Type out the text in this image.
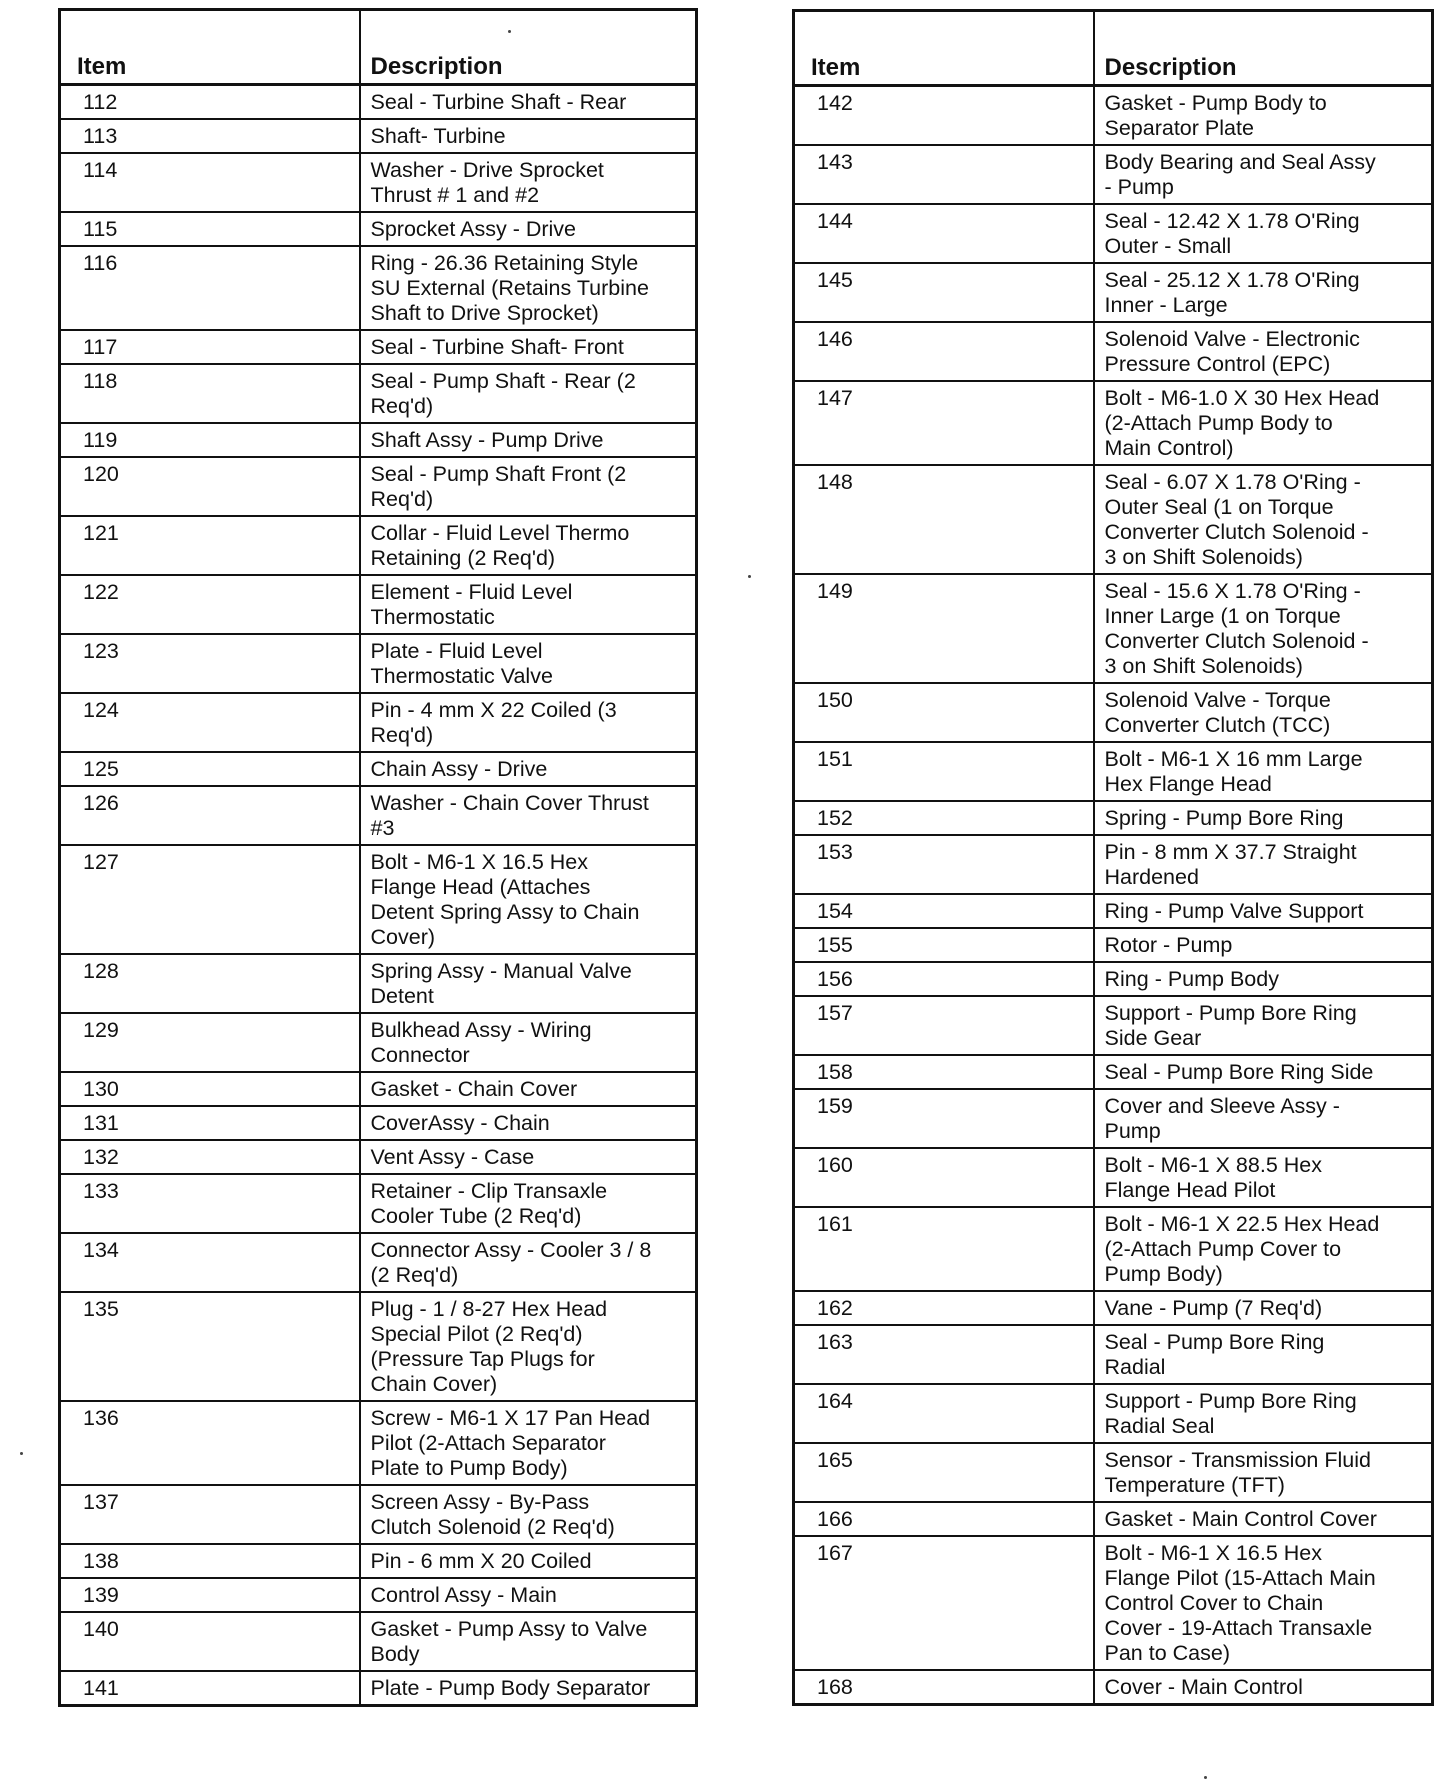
Item	Description
112	Seal - Turbine Shaft - Rear

113	Shaft- Turbine

114	Washer - Drive Sprocket
Thrust # 1 and #2

115	Sprocket Assy - Drive

116	Ring - 26.36 Retaining Style
SU External (Retains Turbine
Shaft to Drive Sprocket)

117	Seal - Turbine Shaft- Front

118	Seal - Pump Shaft - Rear (2
Req'd)

119	Shaft Assy - Pump Drive

120	Seal - Pump Shaft Front (2
Req'd)

121	Collar - Fluid Level Thermo
Retaining (2 Req'd)

122	Element - Fluid Level
Thermostatic

123	Plate - Fluid Level
Thermostatic Valve

124	Pin - 4 mm X 22 Coiled (3
Req'd)

125	Chain Assy - Drive

126	Washer - Chain Cover Thrust
#3

127	Bolt - M6-1 X 16.5 Hex
Flange Head (Attaches
Detent Spring Assy to Chain
Cover)

128	Spring Assy - Manual Valve
Detent

129	Bulkhead Assy - Wiring
Connector

130	Gasket - Chain Cover

131	CoverAssy - Chain

132	Vent Assy - Case

133	Retainer - Clip Transaxle
Cooler Tube (2 Req'd)

134	Connector Assy - Cooler 3 / 8
(2 Req'd)

135	Plug - 1 / 8-27 Hex Head
Special Pilot (2 Req'd)
(Pressure Tap Plugs for
Chain Cover)

136	Screw - M6-1 X 17 Pan Head
Pilot (2-Attach Separator
Plate to Pump Body)

137	Screen Assy - By-Pass
Clutch Solenoid (2 Req'd)

138	Pin - 6 mm X 20 Coiled

139	Control Assy - Main

140	Gasket - Pump Assy to Valve
Body

141	Plate - Pump Body Separator
Item	Description
142	Gasket - Pump Body to
Separator Plate

143	Body Bearing and Seal Assy
- Pump

144	Seal - 12.42 X 1.78 O'Ring
Outer - Small

145	Seal - 25.12 X 1.78 O'Ring
Inner - Large

146	Solenoid Valve - Electronic
Pressure Control (EPC)

147	Bolt - M6-1.0 X 30 Hex Head
(2-Attach Pump Body to
Main Control)

148	Seal - 6.07 X 1.78 O'Ring -
Outer Seal (1 on Torque
Converter Clutch Solenoid -
3 on Shift Solenoids)

149	Seal - 15.6 X 1.78 O'Ring -
Inner Large (1 on Torque
Converter Clutch Solenoid -
3 on Shift Solenoids)

150	Solenoid Valve - Torque
Converter Clutch (TCC)

151	Bolt - M6-1 X 16 mm Large
Hex Flange Head

152	Spring - Pump Bore Ring

153	Pin - 8 mm X 37.7 Straight
Hardened

154	Ring - Pump Valve Support

155	Rotor - Pump

156	Ring - Pump Body

157	Support - Pump Bore Ring
Side Gear

158	Seal - Pump Bore Ring Side

159	Cover and Sleeve Assy -
Pump

160	Bolt - M6-1 X 88.5 Hex
Flange Head Pilot

161	Bolt - M6-1 X 22.5 Hex Head
(2-Attach Pump Cover to
Pump Body)

162	Vane - Pump (7 Req'd)

163	Seal - Pump Bore Ring
Radial

164	Support - Pump Bore Ring
Radial Seal

165	Sensor - Transmission Fluid
Temperature (TFT)

166	Gasket - Main Control Cover

167	Bolt - M6-1 X 16.5 Hex
Flange Pilot (15-Attach Main
Control Cover to Chain
Cover - 19-Attach Transaxle
Pan to Case)

168	Cover - Main Control
